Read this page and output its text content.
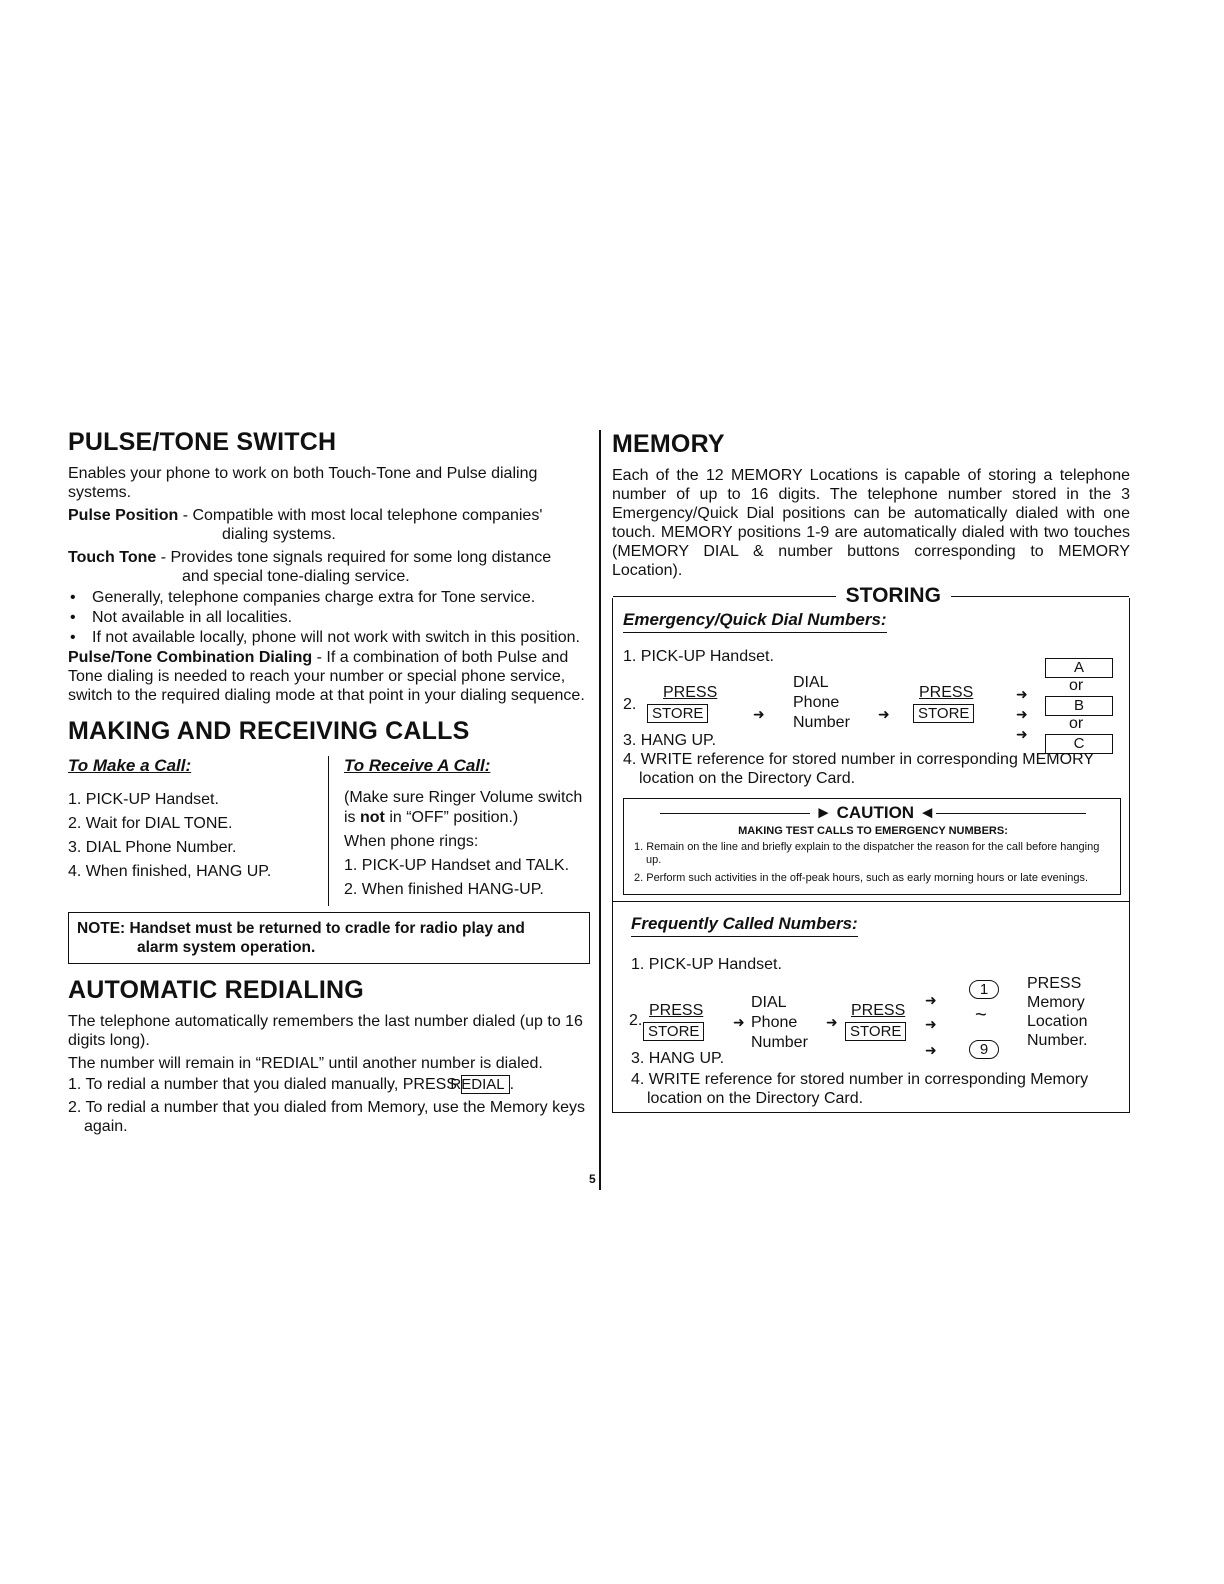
PULSE/TONE SWITCH

Enables your phone to work on both Touch-Tone and Pulse dialing systems.

Pulse Position - Compatible with most local telephone companies'
dialing systems.
Touch Tone - Provides tone signals required for some long distance
and special tone-dialing service.
• Generally, telephone companies charge extra for Tone service.
• Not available in all localities.
• If not available locally, phone will not work with switch in this position.

Pulse/Tone Combination Dialing - If a combination of both Pulse and Tone dialing is needed to reach your number or special phone service, switch to the required dialing mode at that point in your dialing sequence.

MAKING AND RECEIVING CALLS
To Make a Call:
1. PICK-UP Handset.
2. Wait for DIAL TONE.
3. DIAL Phone Number.
4. When finished, HANG UP.
To Receive A Call:

(Make sure Ringer Volume switch is not in “OFF” position.)

When phone rings:

1. PICK-UP Handset and TALK.
2. When finished HANG-UP.
NOTE: Handset must be returned to cradle for radio play and
alarm system operation.
AUTOMATIC REDIALING

The telephone automatically remembers the last number dialed (up to 16 digits long).

The number will remain in “REDIAL” until another number is dialed.

1. To redial a number that you dialed manually, PRESS REDIAL .

2. To redial a number that you dialed from Memory, use the Memory keys again.

5
MEMORY

Each of the 12 MEMORY Locations is capable of storing a telephone number of up to 16 digits. The telephone number stored in the 3 Emergency/Quick Dial positions can be automatically dialed with one touch. MEMORY positions 1-9 are automatically dialed with two touches (MEMORY DIAL & number buttons corresponding to MEMORY Location).

STORING
Emergency/Quick Dial Numbers:

1. PICK-UP Handset.

2.
PRESS
STORE	➜
DIAL
Phone
Number ➜
PRESS
STORE
➜
➜
➜
A
or
B
or
C
3. HANG UP.

4. WRITE reference for stored number in corresponding MEMORY location on the Directory Card.

► CAUTION ◄
MAKING TEST CALLS TO EMERGENCY NUMBERS:
1. Remain on the line and briefly explain to the dispatcher the reason for the call before hanging up.
2. Perform such activities in the off-peak hours, such as early morning hours or late evenings.
Frequently Called Numbers:

1. PICK-UP Handset.

2.
PRESS
STORE
➜
DIAL
Phone
Number
➜
PRESS
STORE
➜
➜
➜
1
~
9
PRESS
Memory
Location
Number.
3. HANG UP.

4. WRITE reference for stored number in corresponding Memory location on the Directory Card.
